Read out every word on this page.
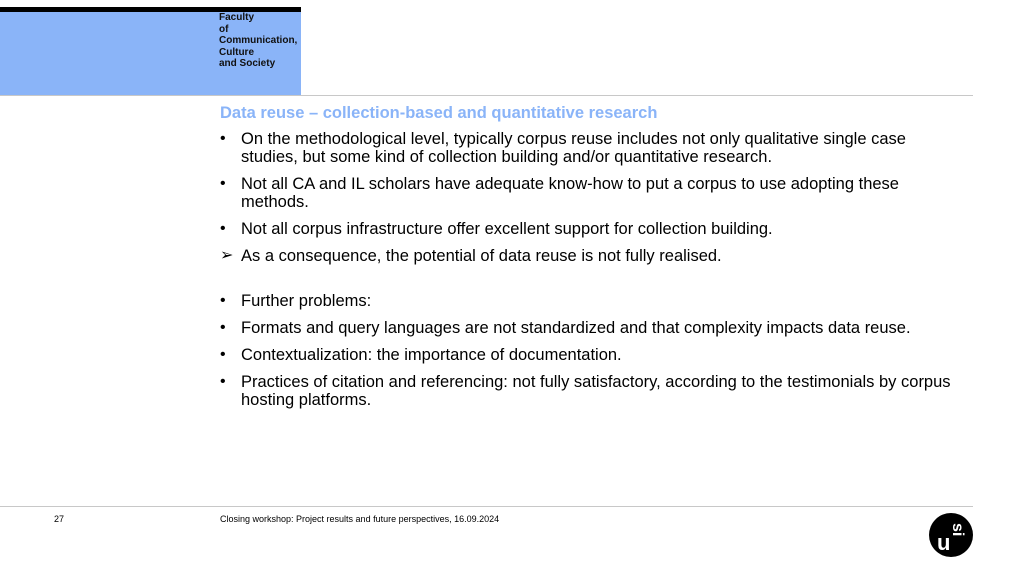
Faculty
of
Communication,
Culture
and Society
Data reuse – collection-based and quantitative research
• On the methodological level, typically corpus reuse includes not only qualitative single case studies, but some kind of collection building and/or quantitative research.
• Not all CA and IL scholars have adequate know-how to put a corpus to use adopting these methods.
• Not all corpus infrastructure offer excellent support for collection building.
➢ As a consequence, the potential of data reuse is not fully realised.
• Further problems:
• Formats and query languages are not standardized and that complexity impacts data reuse.
• Contextualization: the importance of documentation.
• Practices of citation and referencing: not fully satisfactory, according to the testimonials by corpus hosting platforms.
27	Closing workshop: Project results and future perspectives, 16.09.2024
u
si
